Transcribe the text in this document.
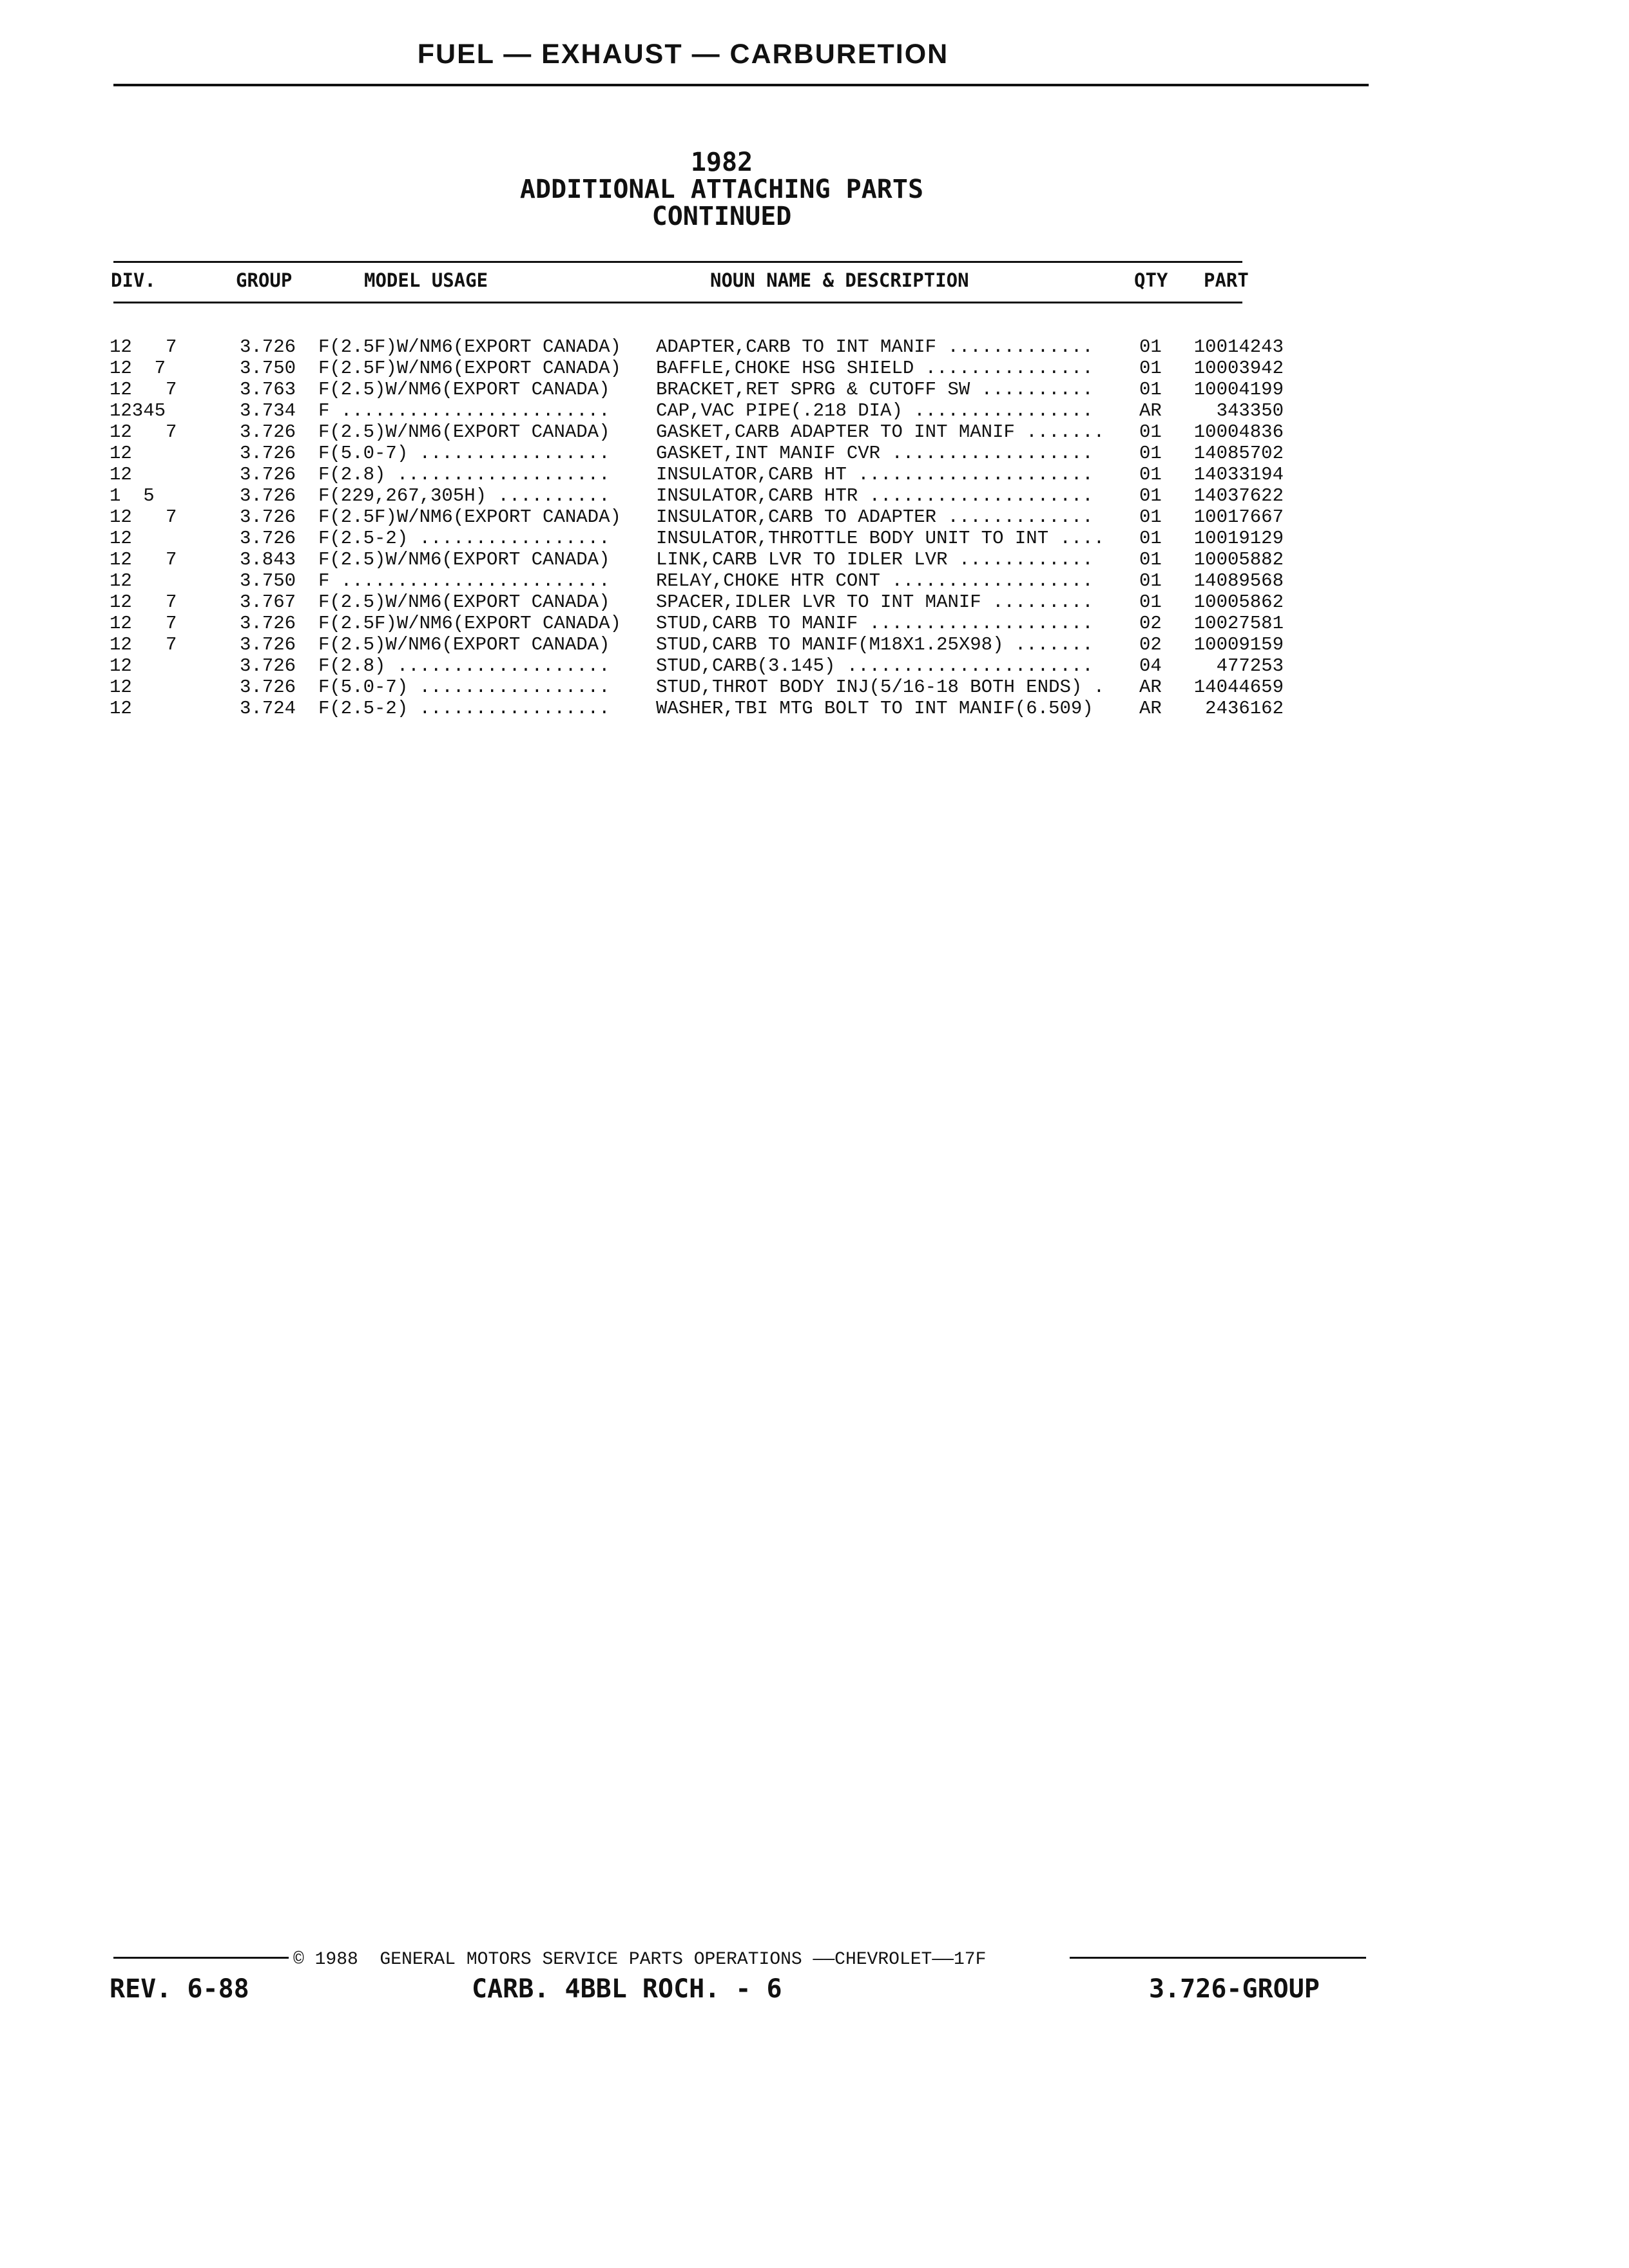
FUEL — EXHAUST — CARBURETION
1982
ADDITIONAL ATTACHING PARTS
CONTINUED
DIV.	GROUP	MODEL USAGE	NOUN NAME & DESCRIPTION	QTY PART
12   7	3.726 F(2.5F)W/NM6(EXPORT CANADA)	ADAPTER,CARB TO INT MANIF .............	01 10014243
12  7	3.750 F(2.5F)W/NM6(EXPORT CANADA)	BAFFLE,CHOKE HSG SHIELD ...............	01 10003942
12   7	3.763 F(2.5)W/NM6(EXPORT CANADA)	BRACKET,RET SPRG & CUTOFF SW ..........	01 10004199
12345	3.734 F ........................	CAP,VAC PIPE(.218 DIA) ................	AR	343350
12   7	3.726 F(2.5)W/NM6(EXPORT CANADA)	GASKET,CARB ADAPTER TO INT MANIF .......	01 10004836
12	3.726 F(5.0-7) .................	GASKET,INT MANIF CVR ..................	01 14085702
12	3.726 F(2.8) ...................	INSULATOR,CARB HT .....................	01 14033194
1  5	3.726 F(229,267,305H) ..........	INSULATOR,CARB HTR ....................	01 14037622
12   7	3.726 F(2.5F)W/NM6(EXPORT CANADA)	INSULATOR,CARB TO ADAPTER .............	01 10017667
12	3.726 F(2.5-2) .................	INSULATOR,THROTTLE BODY UNIT TO INT ....	01 10019129
12   7	3.843 F(2.5)W/NM6(EXPORT CANADA)	LINK,CARB LVR TO IDLER LVR ............	01 10005882
12	3.750 F ........................	RELAY,CHOKE HTR CONT ..................	01 14089568
12   7	3.767 F(2.5)W/NM6(EXPORT CANADA)	SPACER,IDLER LVR TO INT MANIF .........	01 10005862
12   7	3.726 F(2.5F)W/NM6(EXPORT CANADA)	STUD,CARB TO MANIF ....................	02 10027581
12   7	3.726 F(2.5)W/NM6(EXPORT CANADA)	STUD,CARB TO MANIF(M18X1.25X98) .......	02 10009159
12	3.726 F(2.8) ...................	STUD,CARB(3.145) ......................	04	477253
12	3.726 F(5.0-7) .................	STUD,THROT BODY INJ(5/16-18 BOTH ENDS) .	AR 14044659
12	3.724 F(2.5-2) .................	WASHER,TBI MTG BOLT TO INT MANIF(6.509)	AR 2436162
© 1988  GENERAL MOTORS SERVICE PARTS OPERATIONS ——CHEVROLET——17F
REV. 6-88	CARB. 4BBL ROCH. - 6	3.726-GROUP
